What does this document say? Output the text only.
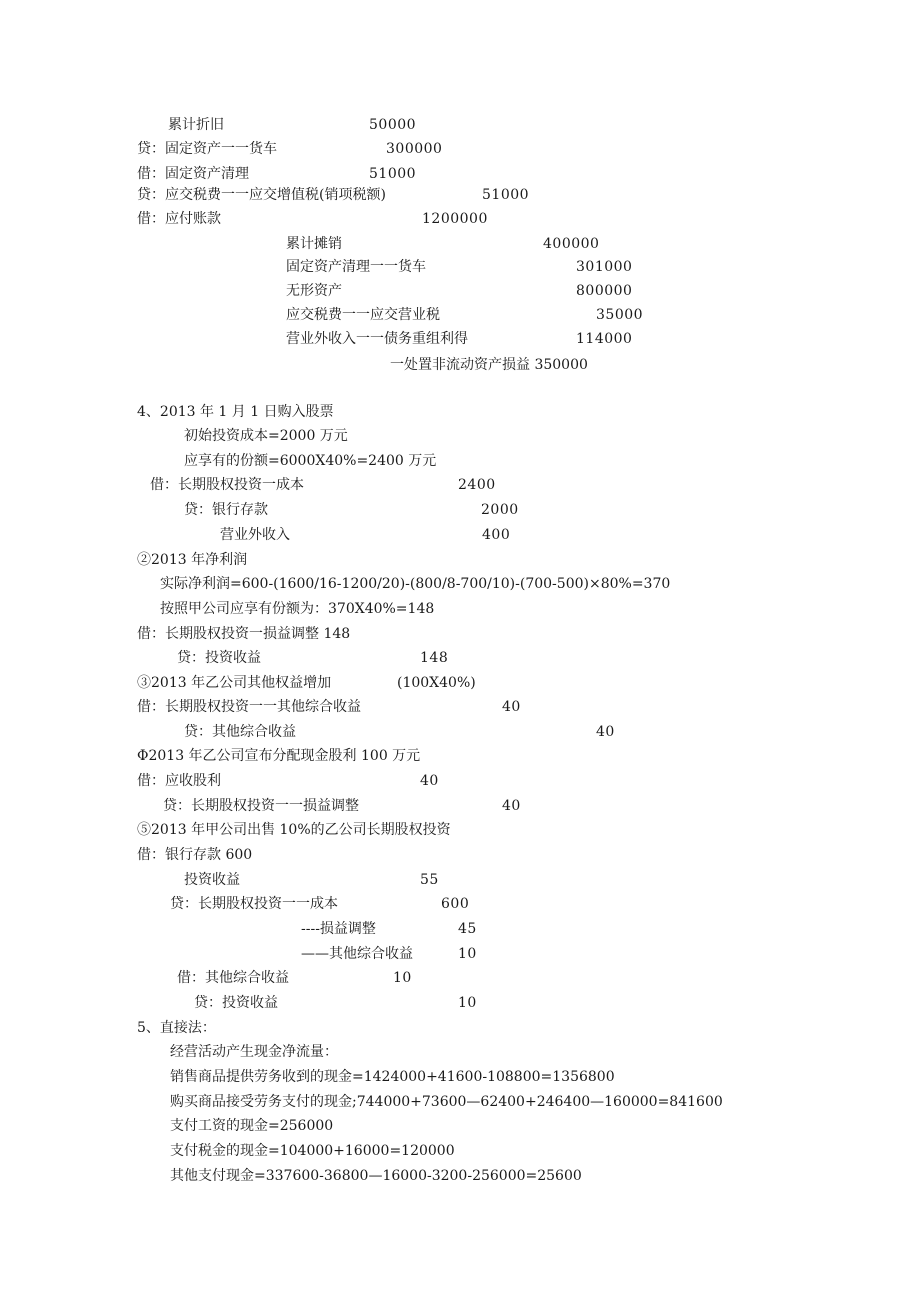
累计折旧	50000
贷：固定资产一一货车	300000
借：固定资产清理	51000
贷：应交税费一一应交增值税(销项税额)	51000
借：应付账款	1200000
累计摊销	400000
固定资产清理一一货车	301000
无形资产	800000
应交税费一一应交营业税	35000
营业外收入一一债务重组利得	114000
一处置非流动资产损益 350000
4、2013 年 1 月 1 日购入股票
初始投资成本=2000 万元
应享有的份额=6000X40%=2400 万元
借：长期股权投资一成本	2400
贷：银行存款	2000
营业外收入	400
②2013 年净利润
实际净利润=600-(1600/16-1200/20)-(800/8-700/10)-(700-500)×80%=370
按照甲公司应享有份额为：370X40%=148
借：长期股权投资一损益调整 148
贷：投资收益	148
③2013 年乙公司其他权益增加	(100X40%)
借：长期股权投资一一其他综合收益	40
贷：其他综合收益	40
Φ2013 年乙公司宣布分配现金股利 100 万元
借：应收股利	40
贷：长期股权投资一一损益调整	40
⑤2013 年甲公司出售 10%的乙公司长期股权投资
借：银行存款 600
投资收益	55
贷：长期股权投资一一成本	600
----损益调整	45
——其他综合收益	10
借：其他综合收益	10
贷：投资收益	10
5、直接法：
经营活动产生现金净流量：
销售商品提供劳务收到的现金=1424000+41600-108800=1356800
购买商品接受劳务支付的现金;744000+73600—62400+246400—160000=841600
支付工资的现金=256000
支付税金的现金=104000+16000=120000
其他支付现金=337600-36800—16000-3200-256000=25600
